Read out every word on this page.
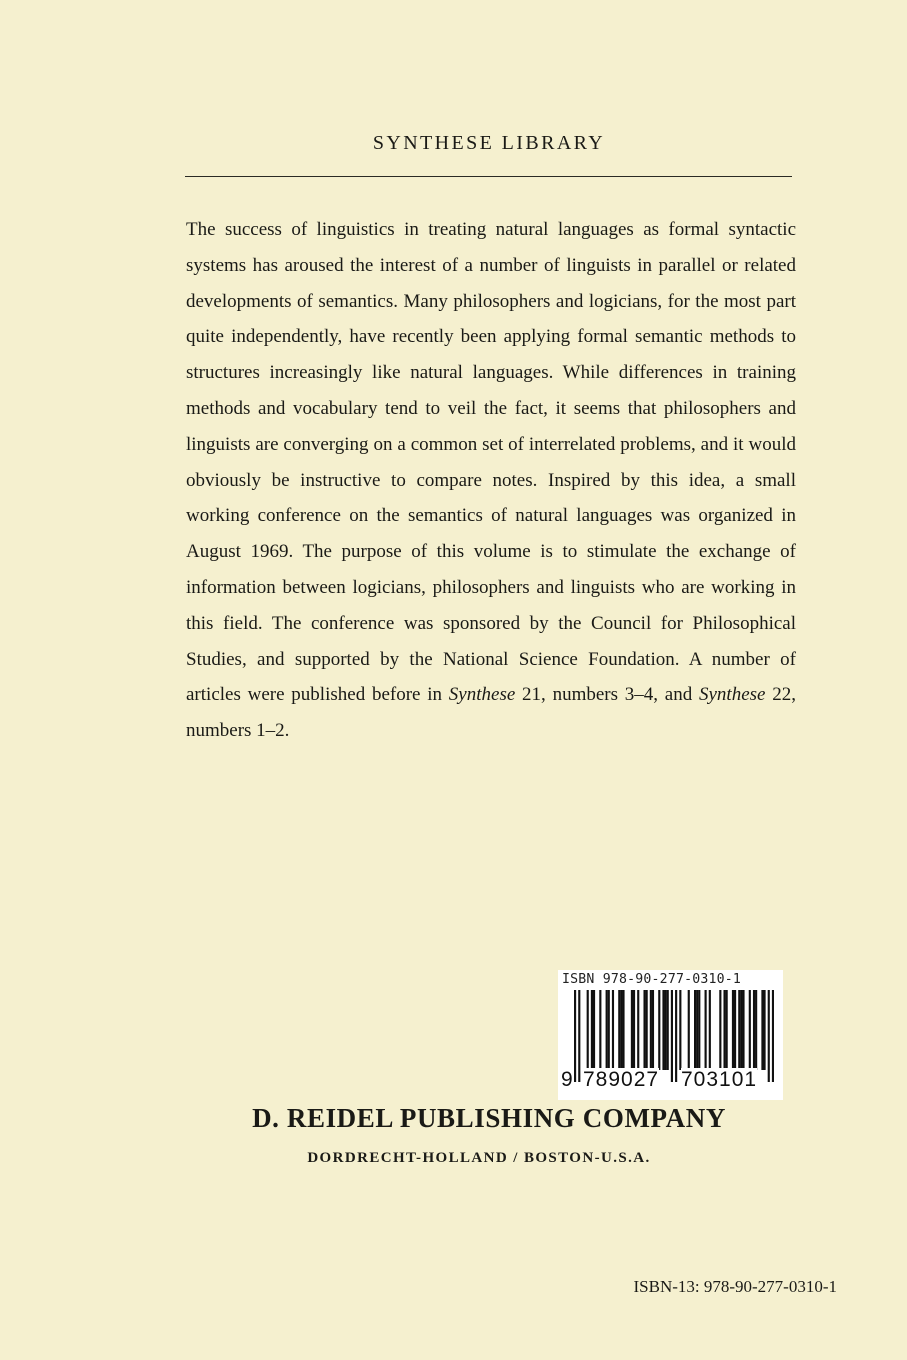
SYNTHESE LIBRARY

The success of linguistics in treating natural languages as formal syntactic systems has aroused the interest of a number of linguists in parallel or related developments of semantics. Many philosophers and logicians, for the most part quite independently, have recently been applying formal semantic methods to structures increasingly like natural languages. While differences in training methods and vocabulary tend to veil the fact, it seems that philosophers and linguists are converging on a common set of interrelated problems, and it would obviously be instructive to compare notes. Inspired by this idea, a small working conference on the semantics of natural languages was organized in August 1969. The purpose of this volume is to stimulate the exchange of information between logicians, philosophers and linguists who are working in this field. The conference was sponsored by the Council for Philosophical Studies, and supported by the National Science Foundation. A number of articles were published before in Synthese 21, numbers 3–4, and Synthese 22, numbers 1–2.

ISBN 978-90-277-0310-1
9 789027 703101
D. REIDEL PUBLISHING COMPANY
DORDRECHT-HOLLAND / BOSTON-U.S.A.
ISBN-13: 978-90-277-0310-1
